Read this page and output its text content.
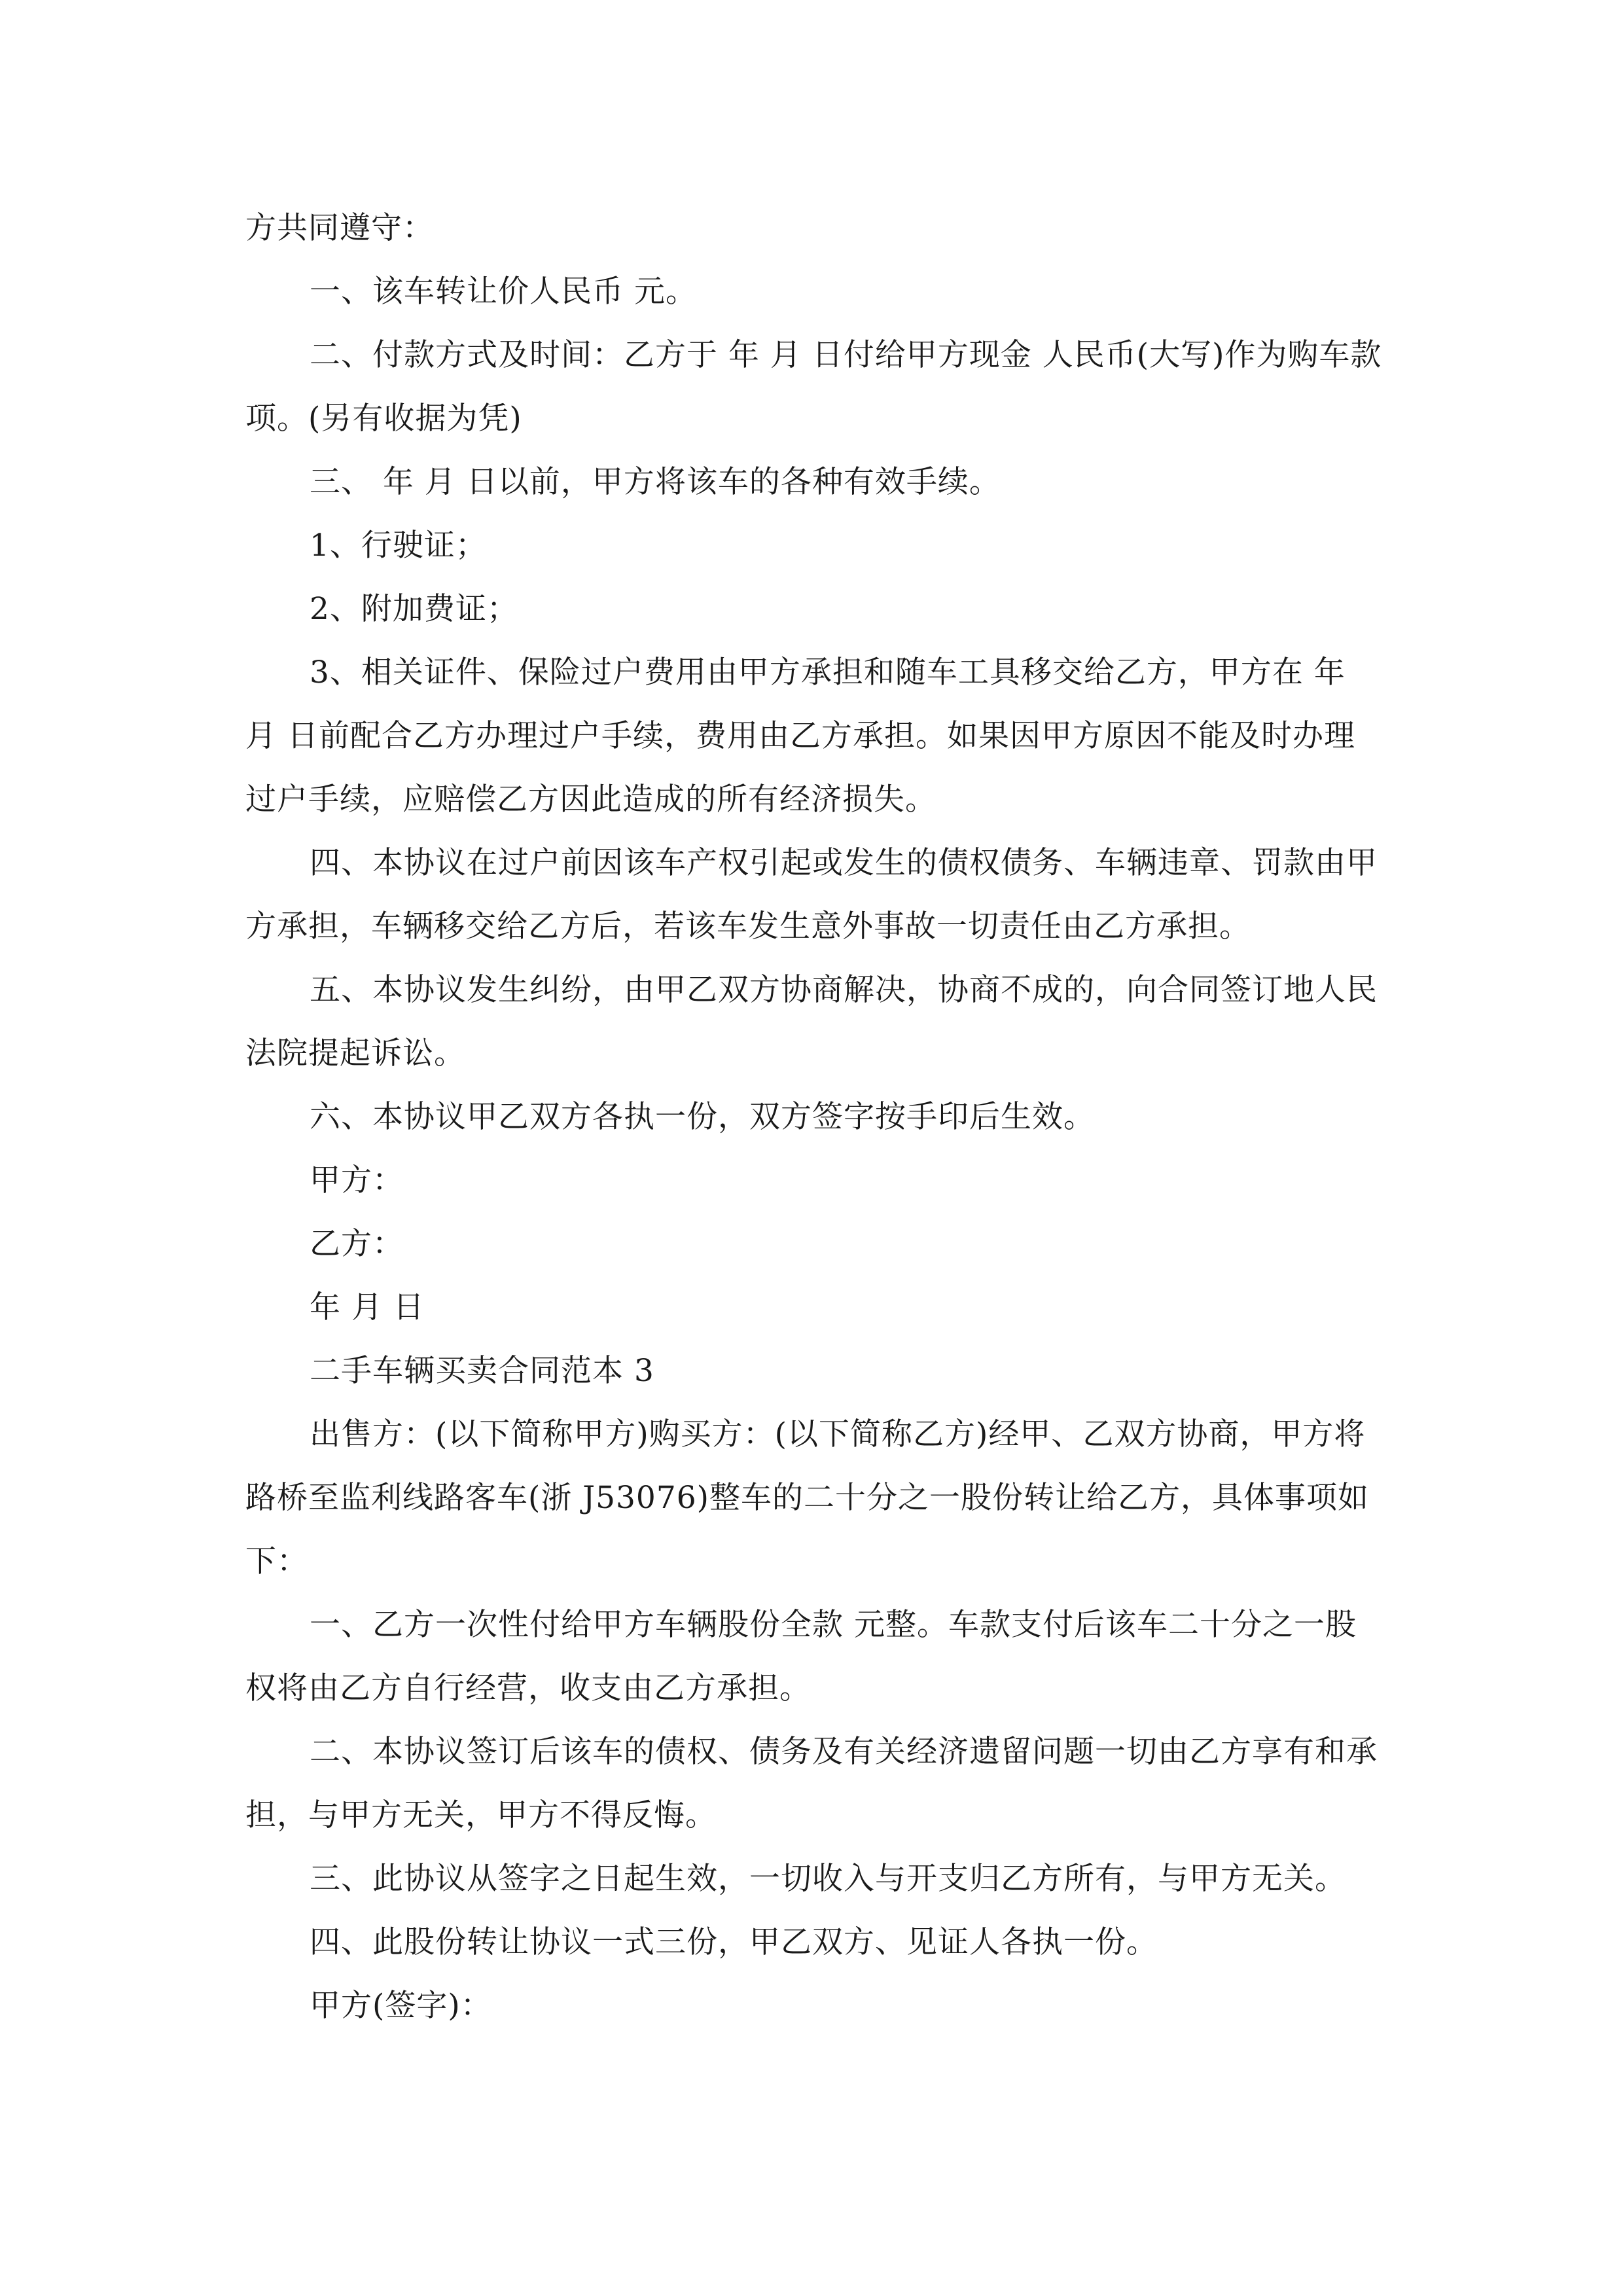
方共同遵守：

一、该车转让价人民币 元。

二、付款方式及时间：乙方于 年 月 日付给甲方现金 人民币(大写)作为购车款项。(另有收据为凭)

三、 年 月 日以前，甲方将该车的各种有效手续。

1、行驶证；

2、附加费证；

3、相关证件、保险过户费用由甲方承担和随车工具移交给乙方，甲方在 年 月 日前配合乙方办理过户手续，费用由乙方承担。如果因甲方原因不能及时办理过户手续，应赔偿乙方因此造成的所有经济损失。

四、本协议在过户前因该车产权引起或发生的债权债务、车辆违章、罚款由甲方承担，车辆移交给乙方后，若该车发生意外事故一切责任由乙方承担。

五、本协议发生纠纷，由甲乙双方协商解决，协商不成的，向合同签订地人民法院提起诉讼。

六、本协议甲乙双方各执一份，双方签字按手印后生效。

甲方：

乙方：

年 月 日

二手车辆买卖合同范本 3

出售方：(以下简称甲方)购买方：(以下简称乙方)经甲、乙双方协商，甲方将路桥至监利线路客车(浙 J53076)整车的二十分之一股份转让给乙方，具体事项如下：

一、乙方一次性付给甲方车辆股份全款 元整。车款支付后该车二十分之一股权将由乙方自行经营，收支由乙方承担。

二、本协议签订后该车的债权、债务及有关经济遗留问题一切由乙方享有和承担，与甲方无关，甲方不得反悔。

三、此协议从签字之日起生效，一切收入与开支归乙方所有，与甲方无关。

四、此股份转让协议一式三份，甲乙双方、见证人各执一份。

甲方(签字)：
